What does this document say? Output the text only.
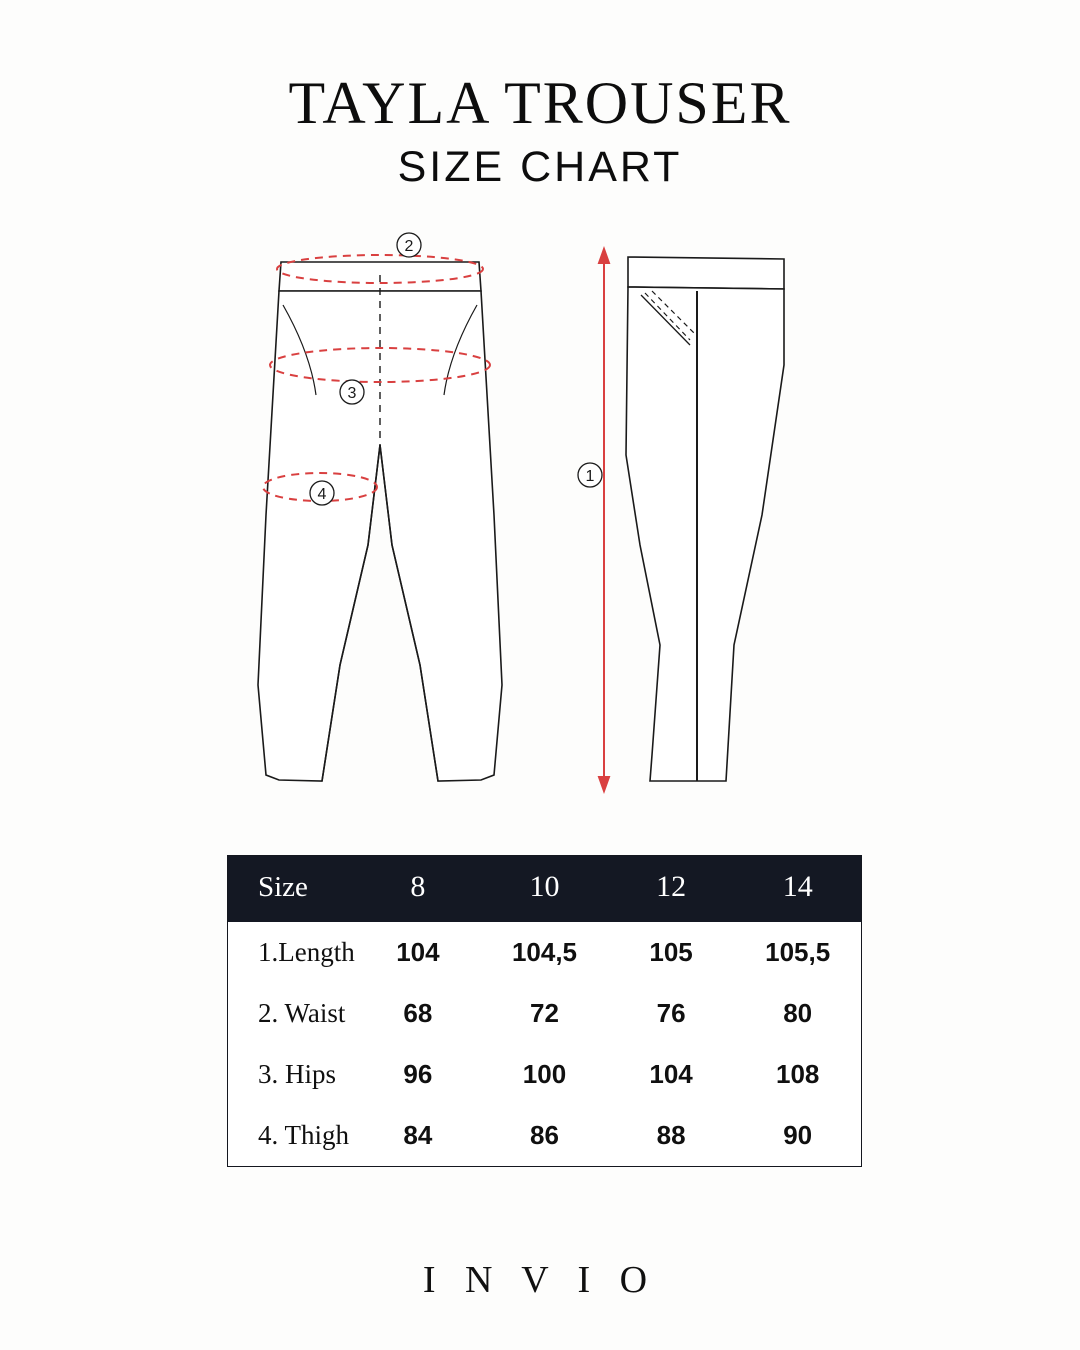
TAYLA TROUSER
SIZE CHART
2
3
4
1
Size	8	10	12	14
1.Length	104	104,5	105	105,5
2. Waist	68	72	76	80
3. Hips	96	100	104	108
4. Thigh	84	86	88	90
I N V I O
